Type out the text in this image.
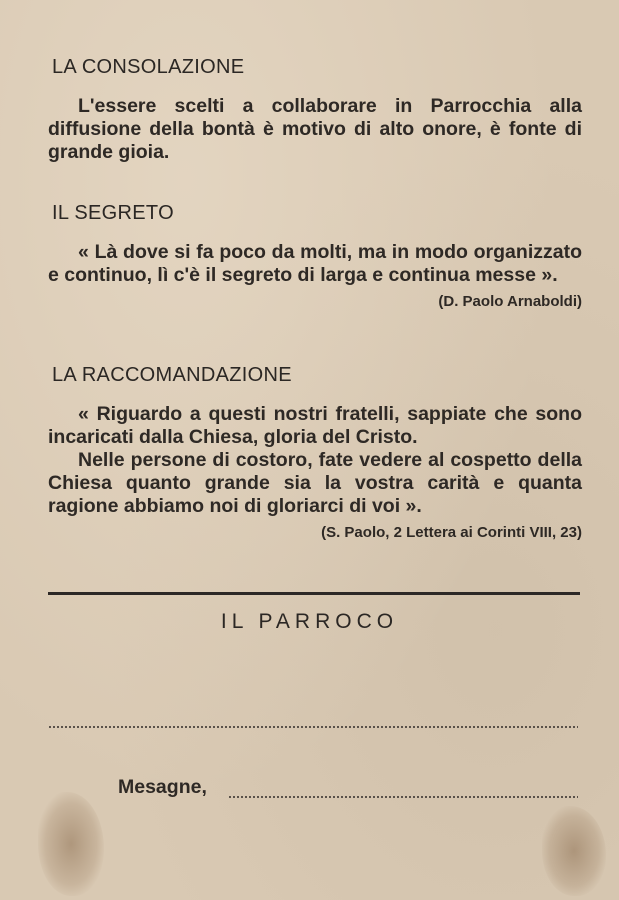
LA CONSOLAZIONE

L'essere scelti a collaborare in Parrocchia alla diffusione della bontà è motivo di alto onore, è fonte di grande gioia.

IL SEGRETO

« Là dove si fa poco da molti, ma in modo organizzato e continuo, lì c'è il segreto di larga e continua messe ».

(D. Paolo Arnaboldi)

LA RACCOMANDAZIONE

« Riguardo a questi nostri fratelli, sappiate che sono incaricati dalla Chiesa, gloria del Cristo.

Nelle persone di costoro, fate vedere al cospetto della Chiesa quanto grande sia la vostra carità e quanta ragione abbiamo noi di gloriarci di voi ».

(S. Paolo, 2 Lettera ai Corinti VIII, 23)

IL PARROCO
Mesagne,
